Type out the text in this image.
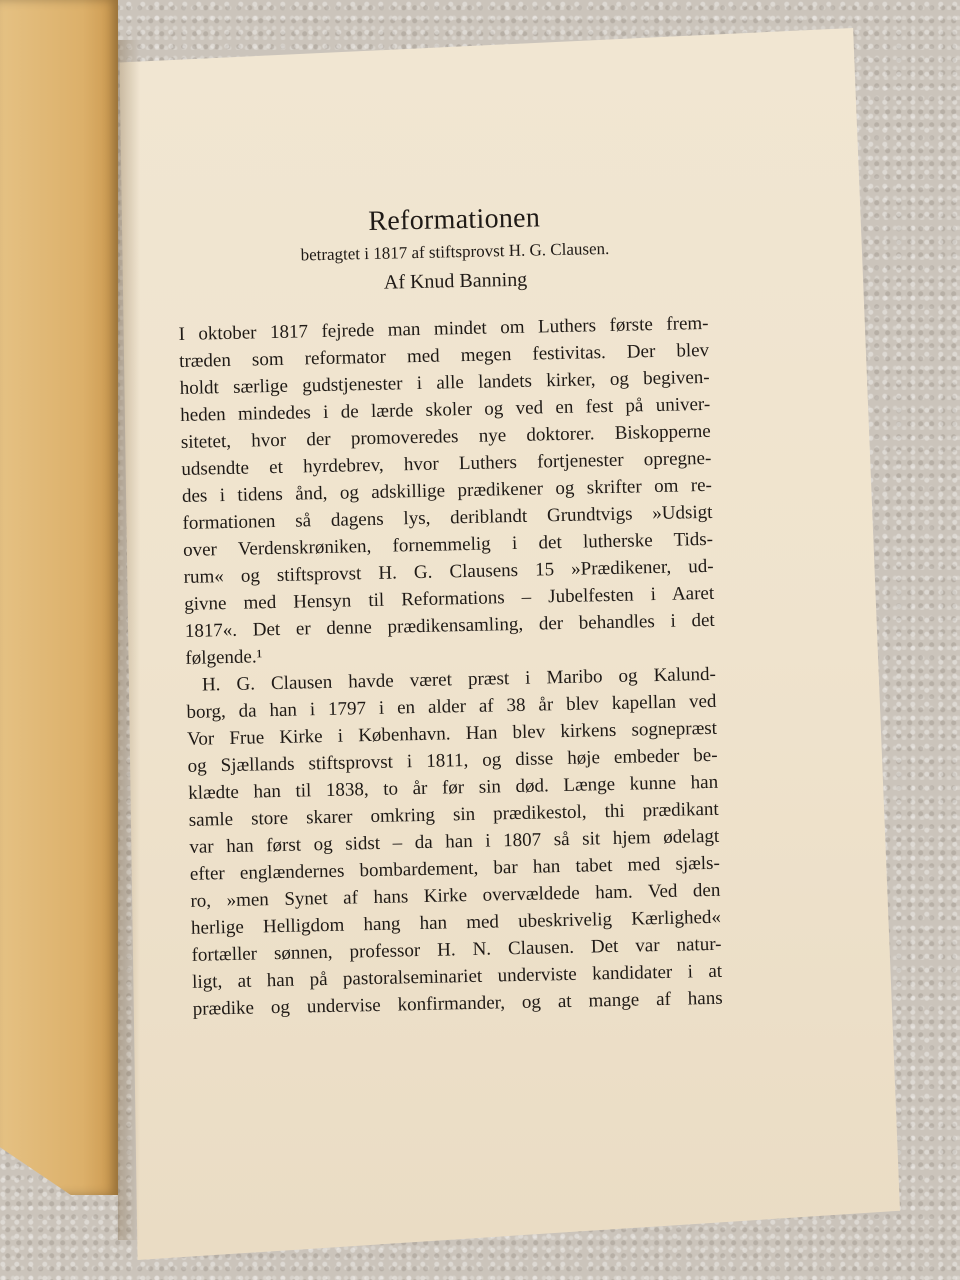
Reformationen
betragtet i 1817 af stiftsprovst H. G. Clausen.
Af Knud Banning
I oktober 1817 fejrede man mindet om Luthers første frem-
træden som reformator med megen festivitas. Der blev
holdt særlige gudstjenester i alle landets kirker, og begiven-
heden mindedes i de lærde skoler og ved en fest på univer-
sitetet, hvor der promoveredes nye doktorer. Biskopperne
udsendte et hyrdebrev, hvor Luthers fortjenester opregne-
des i tidens ånd, og adskillige prædikener og skrifter om re-
formationen så dagens lys, deriblandt Grundtvigs »Udsigt
over Verdenskrøniken, fornemmelig i det lutherske Tids-
rum« og stiftsprovst H. G. Clausens 15 »Prædikener, ud-
givne med Hensyn til Reformations – Jubelfesten i Aaret
1817«. Det er denne prædikensamling, der behandles i det
følgende.¹
H. G. Clausen havde været præst i Maribo og Kalund-
borg, da han i 1797 i en alder af 38 år blev kapellan ved
Vor Frue Kirke i København. Han blev kirkens sognepræst
og Sjællands stiftsprovst i 1811, og disse høje embeder be-
klædte han til 1838, to år før sin død. Længe kunne han
samle store skarer omkring sin prædikestol, thi prædikant
var han først og sidst – da han i 1807 så sit hjem ødelagt
efter englændernes bombardement, bar han tabet med sjæls-
ro, »men Synet af hans Kirke overvældede ham. Ved den
herlige Helligdom hang han med ubeskrivelig Kærlighed«
fortæller sønnen, professor H. N. Clausen. Det var natur-
ligt, at han på pastoralseminariet underviste kandidater i at
prædike og undervise konfirmander, og at mange af hans
